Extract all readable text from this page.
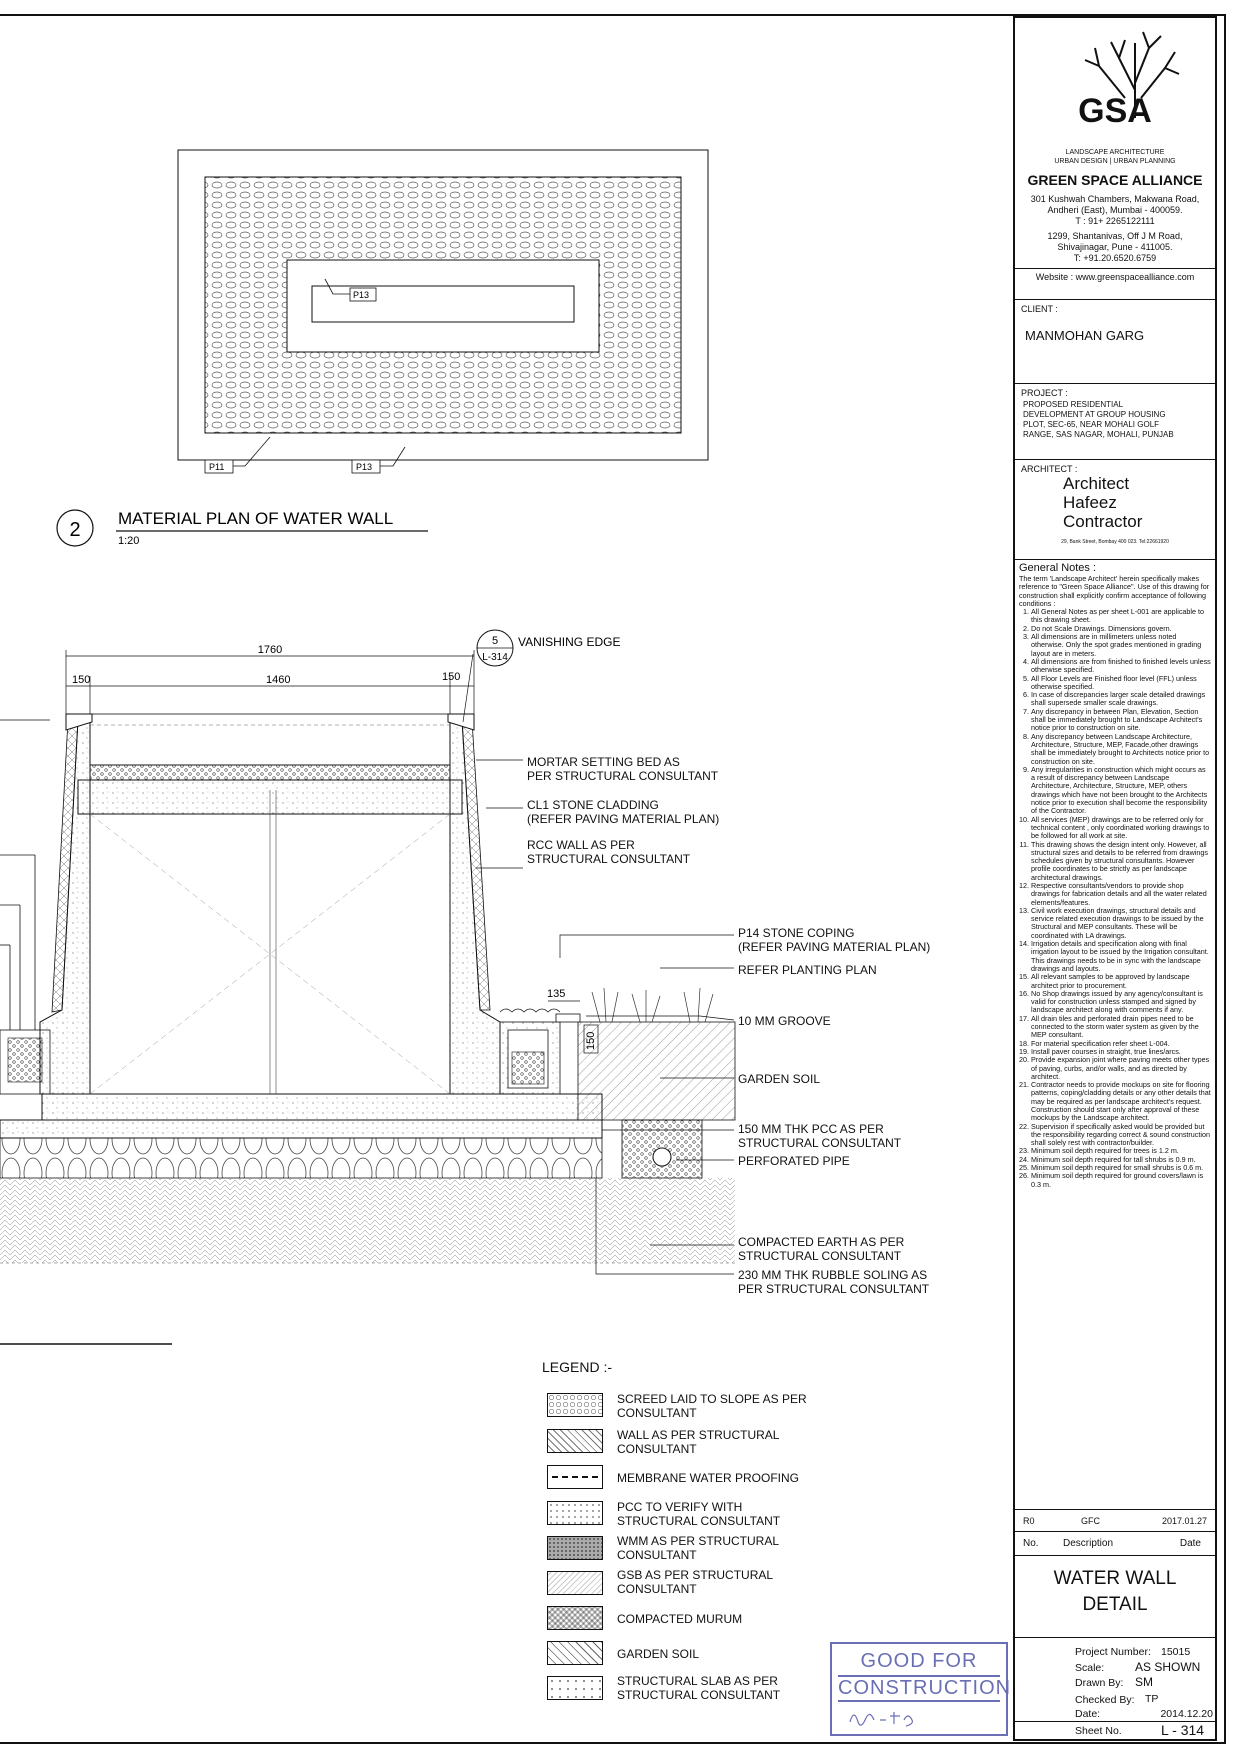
P13
P11	P13
2
MATERIAL PLAN OF WATER WALL
1:20
1760
150	1460	150
135
150
5
L-314
VANISHING EDGE
MORTAR SETTING BED AS
PER STRUCTURAL CONSULTANT
CL1 STONE CLADDING
(REFER PAVING MATERIAL PLAN)
RCC WALL AS PER
STRUCTURAL CONSULTANT
P14 STONE COPING
(REFER PAVING MATERIAL PLAN)
REFER PLANTING PLAN
10 MM GROOVE
GARDEN SOIL
150 MM THK PCC AS PER
STRUCTURAL CONSULTANT
PERFORATED PIPE
COMPACTED EARTH AS PER
STRUCTURAL CONSULTANT
230 MM THK RUBBLE SOLING AS
PER STRUCTURAL CONSULTANT
LEGEND :-
SCREED LAID TO SLOPE AS PER
CONSULTANT
WALL AS PER STRUCTURAL
CONSULTANT
MEMBRANE WATER PROOFING
PCC TO VERIFY WITH
STRUCTURAL CONSULTANT
WMM AS PER STRUCTURAL
CONSULTANT
GSB AS PER STRUCTURAL
CONSULTANT
COMPACTED MURUM
GARDEN SOIL
STRUCTURAL SLAB AS PER
STRUCTURAL CONSULTANT
GOOD FOR
CONSTRUCTION
GSA
LANDSCAPE ARCHITECTURE
URBAN DESIGN | URBAN PLANNING
GREEN SPACE ALLIANCE
301 Kushwah Chambers, Makwana Road,
Andheri (East), Mumbai - 400059.
T : 91+ 2265122111
1299, Shantanivas, Off J M Road,
Shivajinagar, Pune - 411005.
T: +91.20.6520.6759
Website : www.greenspacealliance.com
CLIENT :
MANMOHAN GARG
PROJECT :
PROPOSED RESIDENTIAL
DEVELOPMENT AT GROUP HOUSING
PLOT, SEC-65, NEAR MOHALI GOLF
RANGE, SAS NAGAR, MOHALI, PUNJAB
ARCHITECT :
Architect
Hafeez
Contractor
29, Bank Street, Bombay 400 023. Tel:22661920
General Notes :
The term 'Landscape Architect' herein specifically makes reference to "Green Space Alliance". Use of this drawing for construction shall explicitly confirm acceptance of following conditions :
1. All General Notes as per sheet L-001 are applicable to this drawing sheet.
2. Do not Scale Drawings. Dimensions govern.
3. All dimensions are in millimeters unless noted otherwise. Only the spot grades mentioned in grading layout are in meters.
4. All dimensions are from finished to finished levels unless otherwise specified.
5. All Floor Levels are Finished floor level (FFL) unless otherwise specified.
6. In case of discrepancies larger scale detailed drawings shall supersede smaller scale drawings.
7. Any discrepancy in between Plan, Elevation, Section shall be immediately brought to Landscape Architect's notice prior to construction on site.
8. Any discrepancy between Landscape Architecture, Architecture, Structure, MEP, Facade,other drawings shall be immediately brought to Architects notice prior to construction on site.
9. Any irregularities in construction which might occurs as a result of discrepancy between Landscape Architecture, Architecture, Structure, MEP, others drawings which have not been brought to the Architects notice prior to execution shall become the responsibility of the Contractor.
10. All services (MEP) drawings are to be referred only for technical content , only coordinated working drawings to be followed for all work at site.
11. This drawing shows the design intent only. However, all structural sizes and details to be referred from drawings schedules given by structural consultants. However profile coordinates to be strictly as per landscape architectural drawings.
12. Respective consultants/vendors to provide shop drawings for fabrication details and all the water related elements/features.
13. Civil work execution drawings, structural details and service related execution drawings to be issued by the Structural and MEP consultants. These will be coordinated with LA drawings.
14. Irrigation details and specification along with final irrigation layout to be issued by the Irrigation consultant. This drawings needs to be in sync with the landscape drawings and layouts.
15. All relevant samples to be approved by landscape architect prior to procurement.
16. No Shop drawings issued by any agency/consultant is valid for construction unless stamped and signed by landscape architect along with comments if any.
17. All drain tiles and perforated drain pipes need to be connected to the storm water system as given by the MEP consultant.
18. For material specification refer sheet L-004.
19. Install paver courses in straight, true lines/arcs.
20. Provide expansion joint where paving meets other types of paving, curbs, and/or walls, and as directed by architect.
21. Contractor needs to provide mockups on site for flooring patterns, coping/cladding details or any other details that may be required as per landscape architect's request. Construction should start only after approval of these mockups by the Landscape architect.
22. Supervision if specifically asked would be provided but the responsibility regarding correct & sound construction shall solely rest with contractor/builder.
23. Minimum soil depth required for trees is 1.2 m.
24. Minimum soil depth required for tall shrubs is 0.9 m.
25. Minimum soil depth required for small shrubs is 0.6 m.
26. Minimum soil depth required for ground covers/lawn is 0.3 m.
R0	GFC	2017.01.27
No. Description	Date
WATER WALL
DETAIL
Project Number: 15015
Scale:	AS SHOWN
Drawn By: SM
Checked By: TP
Date:	2014.12.20
Sheet No.	L - 314
